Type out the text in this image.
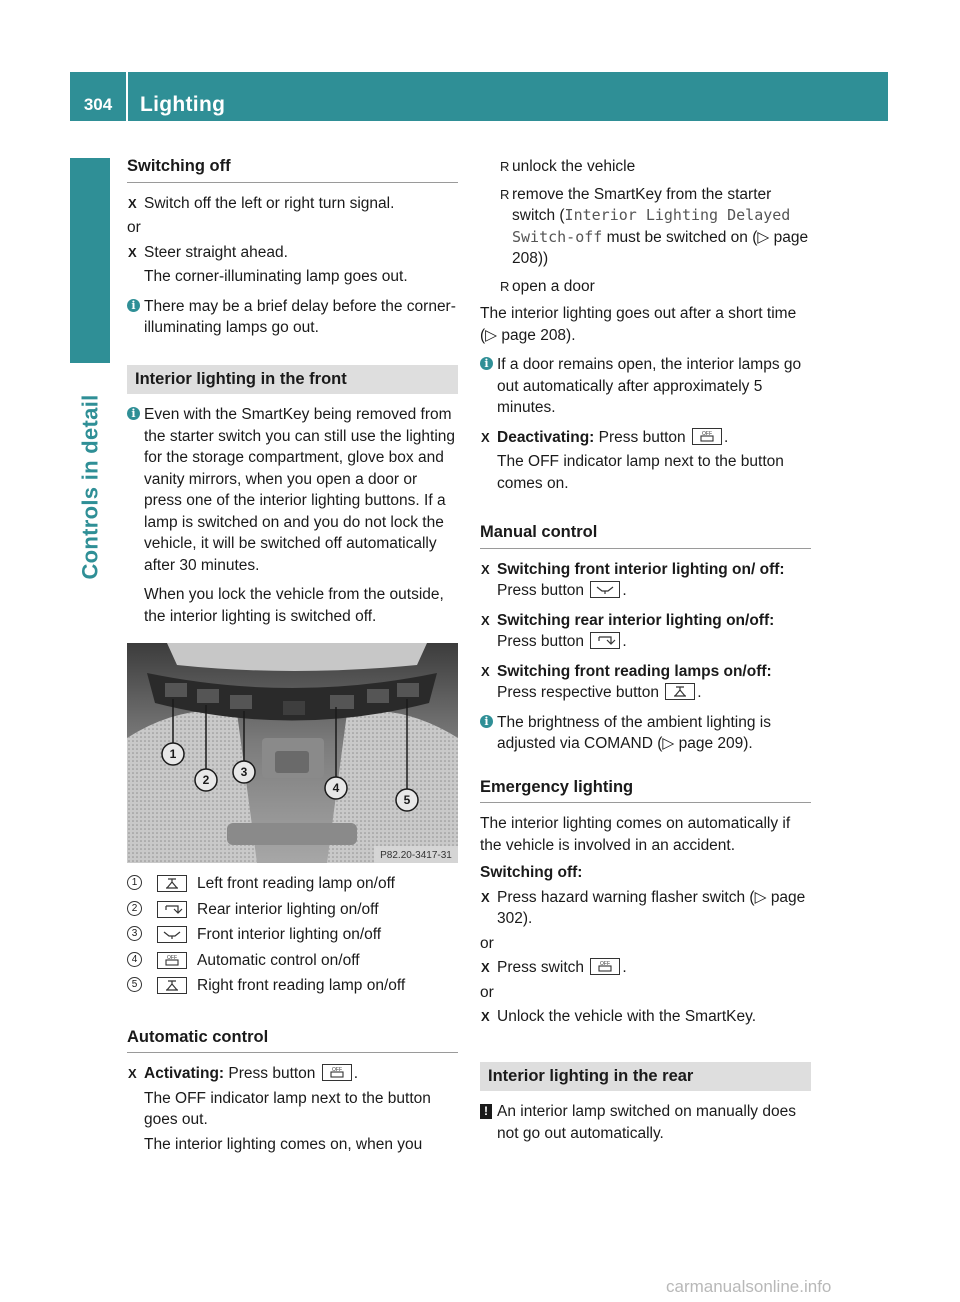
304	Lighting
Controls in detail
Switching off
X Switch off the left or right turn signal.

or

X Steer straight ahead.

The corner-illuminating lamp goes out.

i There may be a brief delay before the corner-illuminating lamps go out.
Interior lighting in the front
i Even with the SmartKey being removed from the starter switch you can still use the lighting for the storage compartment, glove box and vanity mirrors, when you open a door or press one of the interior lighting buttons. If a lamp is switched on and you do not lock the vehicle, it will be switched off automatically after 30 minutes.

When you lock the vehicle from the outside, the interior lighting is switched off.

1
2
3
4
5
P82.20-3417-31
1	Left front reading lamp on/off
2	Rear interior lighting on/off
3	Front interior lighting on/off
4	OFF Automatic control on/off
5	Right front reading lamp on/off
Automatic control
X Activating: Press button	OFF .

The OFF indicator lamp next to the button goes out.

The interior lighting comes on, when you

R unlock the vehicle
R remove the SmartKey from the starter switch (Interior Lighting Delayed Switch-off must be switched on (▷ page 208))
R open a door

The interior lighting goes out after a short time (▷ page 208).

i If a door remains open, the interior lamps go out automatically after approximately 5 minutes.
X Deactivating: Press button	OFF .

The OFF indicator lamp next to the button comes on.

Manual control
X Switching front interior lighting on/ off: Press button .
X Switching rear interior lighting on/off: Press button .
X Switching front reading lamps on/off: Press respective button .
i The brightness of the ambient lighting is adjusted via COMAND (▷ page 209).
Emergency lighting

The interior lighting comes on automatically if the vehicle is involved in an accident.

Switching off:

X Press hazard warning flasher switch (▷ page 302).

or

X Press switch	OFF .

or

X Unlock the vehicle with the SmartKey.
Interior lighting in the rear
! An interior lamp switched on manually does not go out automatically.
carmanualsonline.info
